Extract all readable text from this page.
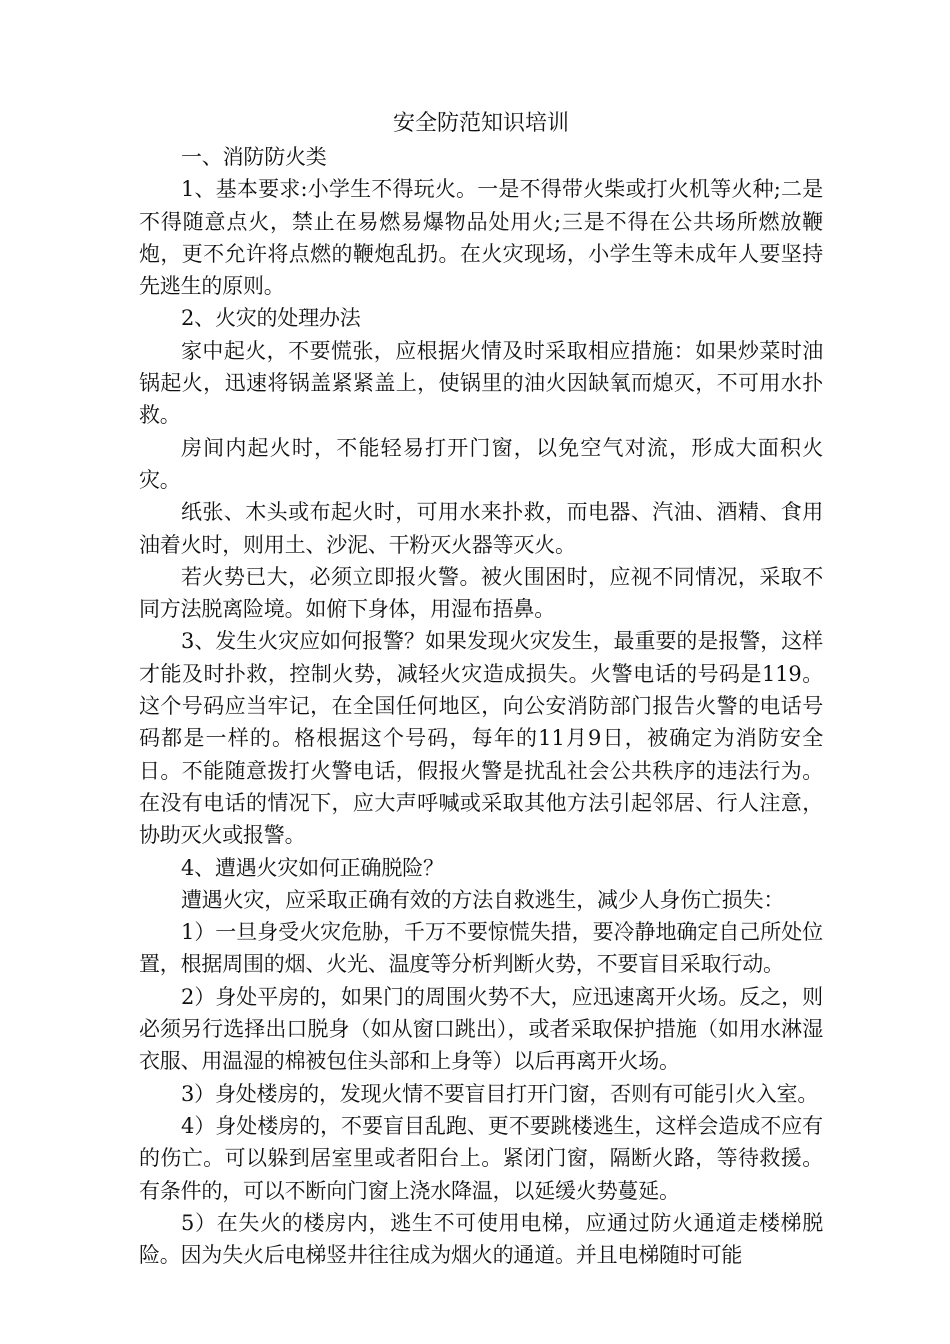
安全防范知识培训

一、消防防火类

1、基本要求:小学生不得玩火。一是不得带火柴或打火机等火种;二是不得随意点火，禁止在易燃易爆物品处用火;三是不得在公共场所燃放鞭炮，更不允许将点燃的鞭炮乱扔。在火灾现场，小学生等未成年人要坚持先逃生的原则。

2、火灾的处理办法

家中起火，不要慌张，应根据火情及时采取相应措施：如果炒菜时油锅起火，迅速将锅盖紧紧盖上，使锅里的油火因缺氧而熄灭，不可用水扑救。

房间内起火时，不能轻易打开门窗，以免空气对流，形成大面积火灾。

纸张、木头或布起火时，可用水来扑救，而电器、汽油、酒精、食用油着火时，则用土、沙泥、干粉灭火器等灭火。

若火势已大，必须立即报火警。被火围困时，应视不同情况，采取不同方法脱离险境。如俯下身体，用湿布捂鼻。

3、发生火灾应如何报警？如果发现火灾发生，最重要的是报警，这样才能及时扑救，控制火势，减轻火灾造成损失。火警电话的号码是119。这个号码应当牢记，在全国任何地区，向公安消防部门报告火警的电话号码都是一样的。格根据这个号码，每年的11月9日，被确定为消防安全日。不能随意拨打火警电话，假报火警是扰乱社会公共秩序的违法行为。在没有电话的情况下，应大声呼喊或采取其他方法引起邻居、行人注意，协助灭火或报警。

4、遭遇火灾如何正确脱险？

遭遇火灾，应采取正确有效的方法自救逃生，减少人身伤亡损失：

1）一旦身受火灾危胁，千万不要惊慌失措，要冷静地确定自己所处位置，根据周围的烟、火光、温度等分析判断火势，不要盲目采取行动。

2）身处平房的，如果门的周围火势不大，应迅速离开火场。反之，则必须另行选择出口脱身（如从窗口跳出），或者采取保护措施（如用水淋湿衣服、用温湿的棉被包住头部和上身等）以后再离开火场。

3）身处楼房的，发现火情不要盲目打开门窗，否则有可能引火入室。

4）身处楼房的，不要盲目乱跑、更不要跳楼逃生，这样会造成不应有的伤亡。可以躲到居室里或者阳台上。紧闭门窗，隔断火路，等待救援。有条件的，可以不断向门窗上浇水降温，以延缓火势蔓延。

5）在失火的楼房内，逃生不可使用电梯，应通过防火通道走楼梯脱险。因为失火后电梯竖井往往成为烟火的通道。并且电梯随时可能
